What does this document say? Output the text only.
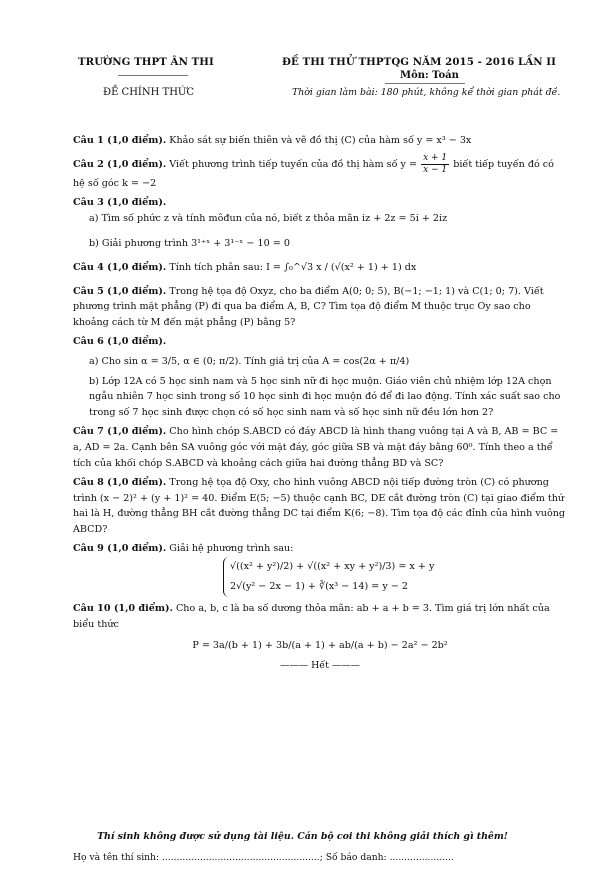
TRƯỜNG THPT ÂN THI
ĐỀ CHÍNH THỨC
ĐỀ THI THỬ THPTQG NĂM 2015 - 2016 LẦN II
Môn: Toán
Thời gian làm bài: 180 phút, không kể thời gian phát đề.
Câu 1 (1,0 điểm). Khảo sát sự biến thiên và vẽ đồ thị (C) của hàm số y = x³ − 3x
Câu 2 (1,0 điểm). Viết phương trình tiếp tuyến của đồ thị hàm số $y = \frac{x + 1}{x - 1}$ biết tiếp tuyến đó có hệ số góc k = −2
Câu 3 (1,0 điểm).
a) Tìm số phức z và tính môđun của nó, biết z thỏa mãn iz + 2z = 5i + 2iz
b) Giải phương trình 3¹⁺ˣ + 3¹⁻ˣ − 10 = 0
Câu 4 (1,0 điểm). Tính tích phân sau: I = ∫₀^√3 x / (√(x² + 1) + 1) dx
Câu 5 (1,0 điểm). Trong hệ tọa độ Oxyz, cho ba điểm A(0; 0; 5), B(−1; −1; 1) và C(1; 0; 7). Viết phương trình mặt phẳng (P) đi qua ba điểm A, B, C? Tìm tọa độ điểm M thuộc trục Oy sao cho khoảng cách từ M đến mặt phẳng (P) bằng 5?
Câu 6 (1,0 điểm).
a) Cho sin α = 3/5, α ∈ (0; π/2). Tính giá trị của A = cos(2α + π/4)
b) Lớp 12A có 5 học sinh nam và 5 học sinh nữ đi học muộn. Giáo viên chủ nhiệm lớp 12A chọn ngẫu nhiên 7 học sinh trong số 10 học sinh đi học muộn đó để đi lao động. Tính xác suất sao cho trong số 7 học sinh được chọn có số học sinh nam và số học sinh nữ đều lớn hơn 2?
Câu 7 (1,0 điểm). Cho hình chóp S.ABCD có đáy ABCD là hình thang vuông tại A và B, AB = BC = a, AD = 2a. Cạnh bên SA vuông góc với mặt đáy, góc giữa SB và mặt đáy bằng 60⁰. Tính theo a thể tích của khối chóp S.ABCD và khoảng cách giữa hai đường thẳng BD và SC?
Câu 8 (1,0 điểm). Trong hệ tọa độ Oxy, cho hình vuông ABCD nội tiếp đường tròn (C) có phương trình (x − 2)² + (y + 1)² = 40. Điểm E(5; −5) thuộc cạnh BC, DE cắt đường tròn (C) tại giao điểm thứ hai là H, đường thẳng BH cắt đường thẳng DC tại điểm K(6; −8). Tìm tọa độ các đỉnh của hình vuông ABCD?
Câu 9 (1,0 điểm). Giải hệ phương trình sau:
√((x² + y²)/2) + √((x² + xy + y²)/3) = x + y
2√(y² − 2x − 1) + ∛(x³ − 14) = y − 2
Câu 10 (1,0 điểm). Cho a, b, c là ba số dương thỏa mãn: ab + a + b = 3. Tìm giá trị lớn nhất của biểu thức
P = 3a/(b + 1) + 3b/(a + 1) + ab/(a + b) − 2a² − 2b²
——— Hết ———
Thí sinh không được sử dụng tài liệu. Cán bộ coi thi không giải thích gì thêm!
Họ và tên thí sinh: ......................................................; Số báo danh: ......................
